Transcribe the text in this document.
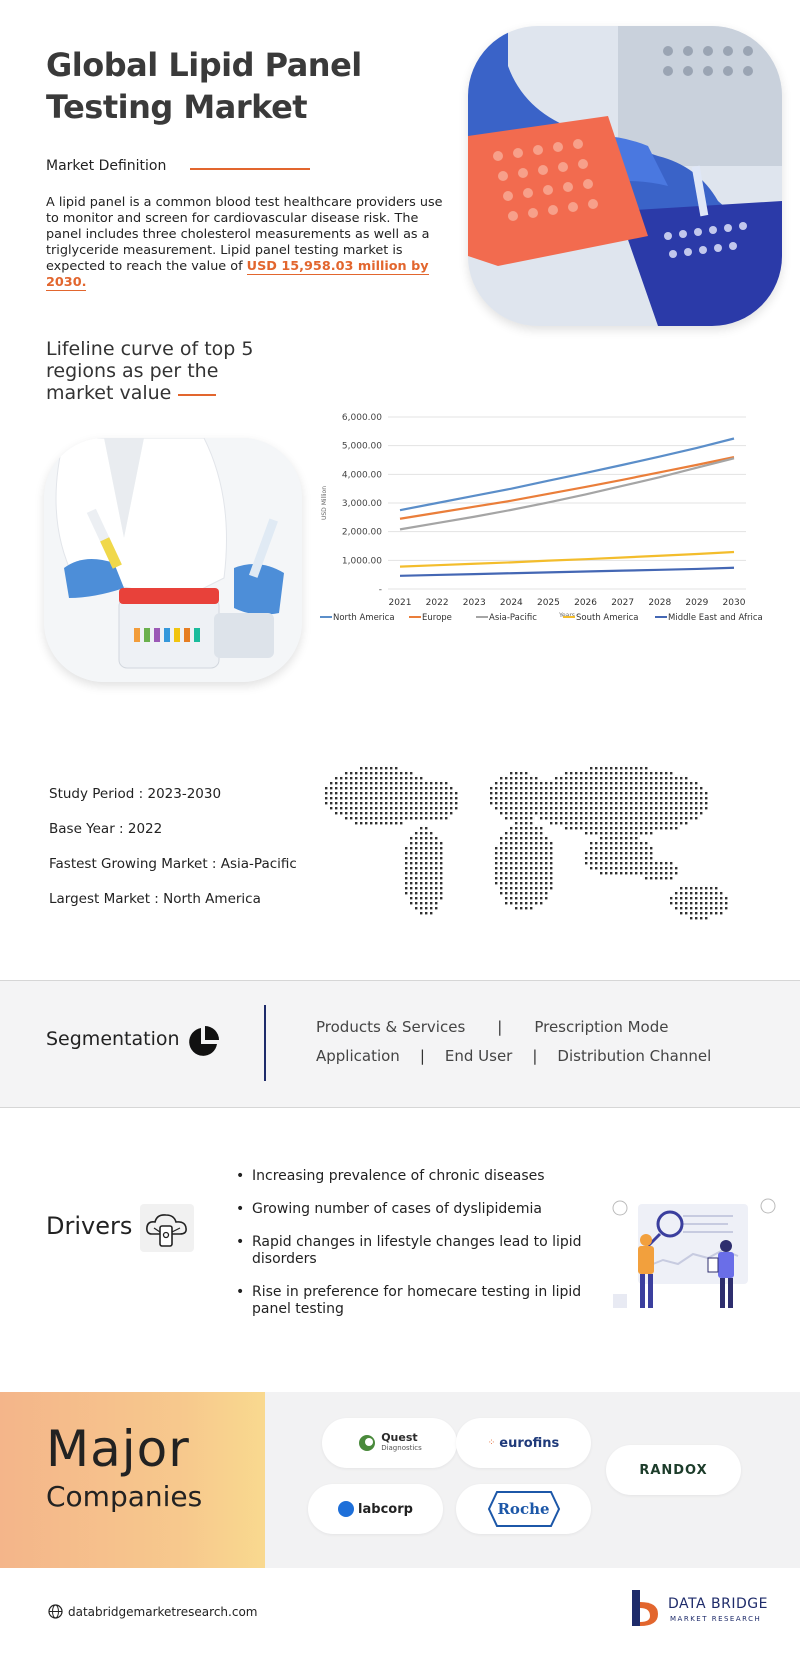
Global Lipid Panel Testing Market
Market Definition
A lipid panel is a common blood test healthcare providers use to monitor and screen for cardiovascular disease risk. The panel includes three cholesterol measurements as well as a triglyceride measurement. Lipid panel testing market is expected to reach the value of USD 15,958.03 million by 2030.
Lifeline curve of top 5 regions as per the market value
-
1,000.00
2,000.00
3,000.00
4,000.00
5,000.00
6,000.00
2021 2022 2023 2024 2025 2026 2027 2028 2029 2030
Years
USD Million
North America	Europe	Asia-Pacific	South America	Middle East and Africa
Study Period : 2023-2030
Base Year : 2022
Fastest Growing Market : Asia-Pacific
Largest Market : North America
Segmentation
Products & Services | Prescription Mode
Application | End User | Distribution Channel
Drivers
• Increasing prevalence of chronic diseases
• Growing number of cases of dyslipidemia
• Rapid changes in lifestyle changes lead to lipid disorders
• Rise in preference for homecare testing in lipid panel testing
Major
Companies
Quest
Diagnostics	⁘ eurofins
RANDOX
labcorp	Roche
databridgemarketresearch.com	DATA BRIDGE
MARKET RESEARCH
